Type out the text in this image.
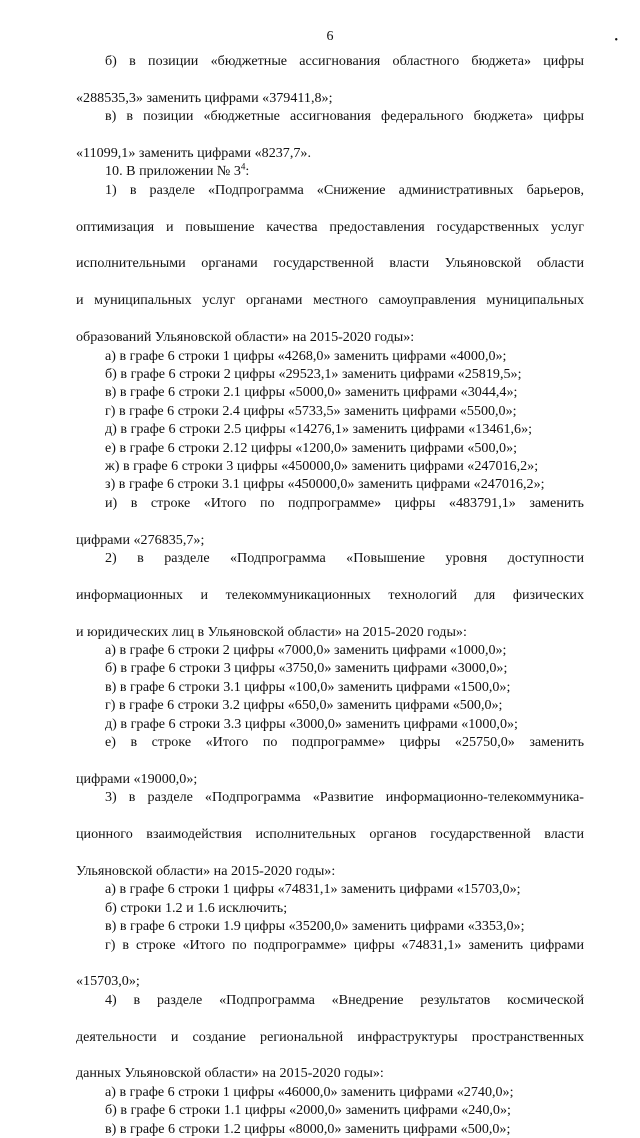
•
6

б) в позиции «бюджетные ассигнования областного бюджета» цифры

«288535,3» заменить цифрами «379411,8»;

в) в позиции «бюджетные ассигнования федерального бюджета» цифры

«11099,1» заменить цифрами «8237,7».

10. В приложении № $3^4$:

1) в разделе «Подпрограмма «Снижение административных барьеров,

оптимизация и повышение качества предоставления государственных услуг

исполнительными органами государственной власти Ульяновской области

и муниципальных услуг органами местного самоуправления муниципальных

образований Ульяновской области» на 2015-2020 годы»:

а) в графе 6 строки 1 цифры «4268,0» заменить цифрами «4000,0»;

б) в графе 6 строки 2 цифры «29523,1» заменить цифрами «25819,5»;

в) в графе 6 строки 2.1 цифры «5000,0» заменить цифрами «3044,4»;

г) в графе 6 строки 2.4 цифры «5733,5» заменить цифрами «5500,0»;

д) в графе 6 строки 2.5 цифры «14276,1» заменить цифрами «13461,6»;

е) в графе 6 строки 2.12 цифры «1200,0» заменить цифрами «500,0»;

ж) в графе 6 строки 3 цифры «450000,0» заменить цифрами «247016,2»;

з) в графе 6 строки 3.1 цифры «450000,0» заменить цифрами «247016,2»;

и) в строке «Итого по подпрограмме» цифры «483791,1» заменить

цифрами «276835,7»;

2) в разделе «Подпрограмма «Повышение уровня доступности

информационных и телекоммуникационных технологий для физических

и юридических лиц в Ульяновской области» на 2015-2020 годы»:

а) в графе 6 строки 2 цифры «7000,0» заменить цифрами «1000,0»;

б) в графе 6 строки 3 цифры «3750,0» заменить цифрами «3000,0»;

в) в графе 6 строки 3.1 цифры «100,0» заменить цифрами «1500,0»;

г) в графе 6 строки 3.2 цифры «650,0» заменить цифрами «500,0»;

д) в графе 6 строки 3.3 цифры «3000,0» заменить цифрами «1000,0»;

е) в строке «Итого по подпрограмме» цифры «25750,0» заменить

цифрами «19000,0»;

3) в разделе «Подпрограмма «Развитие информационно-телекоммуника-

ционного взаимодействия исполнительных органов государственной власти

Ульяновской области» на 2015-2020 годы»:

а) в графе 6 строки 1 цифры «74831,1» заменить цифрами «15703,0»;

б) строки 1.2 и 1.6 исключить;

в) в графе 6 строки 1.9 цифры «35200,0» заменить цифрами «3353,0»;

г) в строке «Итого по подпрограмме» цифры «74831,1» заменить цифрами

«15703,0»;

4) в разделе «Подпрограмма «Внедрение результатов космической

деятельности и создание региональной инфраструктуры пространственных

данных Ульяновской области» на 2015-2020 годы»:

а) в графе 6 строки 1 цифры «46000,0» заменить цифрами «2740,0»;

б) в графе 6 строки 1.1 цифры «2000,0» заменить цифрами «240,0»;

в) в графе 6 строки 1.2 цифры «8000,0» заменить цифрами «500,0»;
